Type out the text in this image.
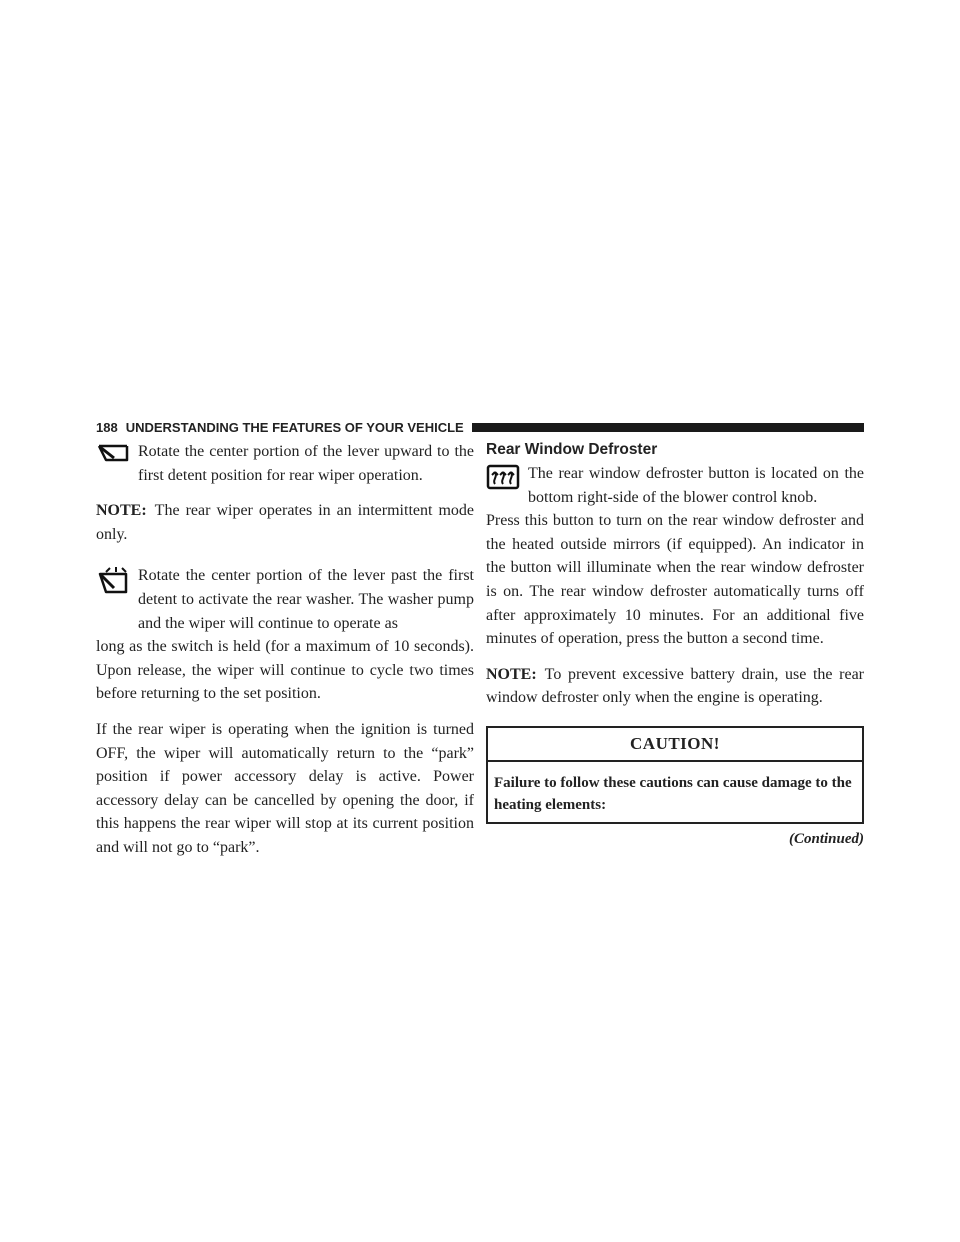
188 UNDERSTANDING THE FEATURES OF YOUR VEHICLE

Rotate the center portion of the lever upward to the first detent position for rear wiper operation.

NOTE: The rear wiper operates in an intermittent mode only.

Rotate the center portion of the lever past the first detent to activate the rear washer. The washer pump and the wiper will continue to operate as

long as the switch is held (for a maximum of 10 seconds). Upon release, the wiper will continue to cycle two times before returning to the set position.

If the rear wiper is operating when the ignition is turned OFF, the wiper will automatically return to the “park” position if power accessory delay is active. Power accessory delay can be cancelled by opening the door, if this happens the rear wiper will stop at its current position and will not go to “park”.

Rear Window Defroster

The rear window defroster button is located on the bottom right-side of the blower control knob.

Press this button to turn on the rear window defroster and the heated outside mirrors (if equipped). An indicator in the button will illuminate when the rear window defroster is on. The rear window defroster automatically turns off after approximately 10 minutes. For an additional five minutes of operation, press the button a second time.

NOTE: To prevent excessive battery drain, use the rear window defroster only when the engine is operating.

CAUTION!
Failure to follow these cautions can cause damage to the heating elements:
(Continued)
